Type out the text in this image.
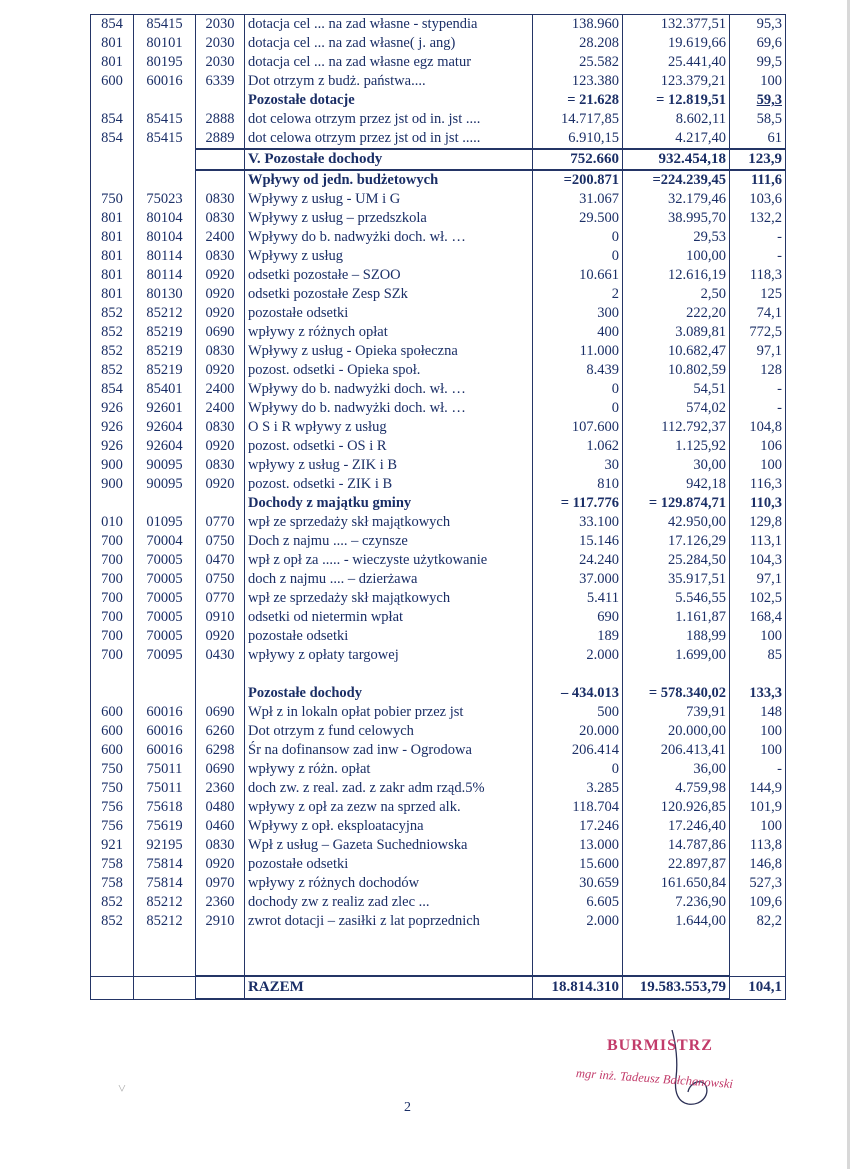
854	85415	2030	dotacja cel ... na zad własne - stypendia	138.960	132.377,51	95,3
801	80101	2030	dotacja cel ... na zad własne( j. ang)	28.208	19.619,66	69,6
801	80195	2030	dotacja cel ... na zad własne egz matur	25.582	25.441,40	99,5
600	60016	6339	Dot otrzym z budż. państwa....	123.380	123.379,21	100
			Pozostałe dotacje	= 21.628	= 12.819,51	59,3
854	85415	2888	dot celowa otrzym przez jst od in. jst ....	14.717,85	8.602,11	58,5
854	85415	2889	dot celowa otrzym przez jst od in jst .....	6.910,15	4.217,40	61
			V. Pozostałe dochody	752.660	932.454,18	123,9
			Wpływy od jedn. budżetowych	=200.871	=224.239,45	111,6
750	75023	0830	Wpływy z usług - UM i G	31.067	32.179,46	103,6
801	80104	0830	Wpływy z usług – przedszkola	29.500	38.995,70	132,2
801	80104	2400	Wpływy do b. nadwyżki doch. wł. …	0	29,53	-
801	80114	0830	Wpływy z usług	0	100,00	-
801	80114	0920	odsetki pozostałe – SZOO	10.661	12.616,19	118,3
801	80130	0920	odsetki pozostałe Zesp SZk	2	2,50	125
852	85212	0920	pozostałe odsetki	300	222,20	74,1
852	85219	0690	wpływy z różnych opłat	400	3.089,81	772,5
852	85219	0830	Wpływy z usług - Opieka społeczna	11.000	10.682,47	97,1
852	85219	0920	pozost. odsetki - Opieka społ.	8.439	10.802,59	128
854	85401	2400	Wpływy do b. nadwyżki doch. wł. …	0	54,51	-
926	92601	2400	Wpływy do b. nadwyżki doch. wł. …	0	574,02	-
926	92604	0830	O S i R wpływy z usług	107.600	112.792,37	104,8
926	92604	0920	pozost. odsetki - OS i R	1.062	1.125,92	106
900	90095	0830	wpływy z usług - ZIK i B	30	30,00	100
900	90095	0920	pozost. odsetki - ZIK i B	810	942,18	116,3
			Dochody z majątku gminy	= 117.776	= 129.874,71	110,3
010	01095	0770	wpł ze sprzedaży skł majątkowych	33.100	42.950,00	129,8
700	70004	0750	Doch z najmu .... – czynsze	15.146	17.126,29	113,1
700	70005	0470	wpł z opł za ..... - wieczyste użytkowanie	24.240	25.284,50	104,3
700	70005	0750	doch z najmu .... – dzierżawa	37.000	35.917,51	97,1
700	70005	0770	wpł ze sprzedaży skł majątkowych	5.411	5.546,55	102,5
700	70005	0910	odsetki od nietermin wpłat	690	1.161,87	168,4
700	70005	0920	pozostałe odsetki	189	188,99	100
700	70095	0430	wpływy z opłaty targowej	2.000	1.699,00	85

			Pozostałe dochody	– 434.013	= 578.340,02	133,3
600	60016	0690	Wpł z in lokaln opłat pobier przez jst	500	739,91	148
600	60016	6260	Dot otrzym z fund celowych	20.000	20.000,00	100
600	60016	6298	Śr na dofinansow zad inw - Ogrodowa	206.414	206.413,41	100
750	75011	0690	wpływy z różn. opłat	0	36,00	-
750	75011	2360	doch zw. z real. zad. z zakr adm rząd.5%	3.285	4.759,98	144,9
756	75618	0480	wpływy z opł za zezw na sprzed alk.	118.704	120.926,85	101,9
756	75619	0460	Wpływy z opł. eksploatacyjna	17.246	17.246,40	100
921	92195	0830	Wpł z usług – Gazeta Suchedniowska	13.000	14.787,86	113,8
758	75814	0920	pozostałe odsetki	15.600	22.897,87	146,8
758	75814	0970	wpływy z różnych dochodów	30.659	161.650,84	527,3
852	85212	2360	dochody zw z realiz zad zlec ...	6.605	7.236,90	109,6
852	85212	2910	zwrot dotacji – zasiłki z lat poprzednich	2.000	1.644,00	82,2

			RAZEM	18.814.310	19.583.553,79	104,1
BURMISTRZ
mgr inż. Tadeusz Bałchanowski
˅
2
